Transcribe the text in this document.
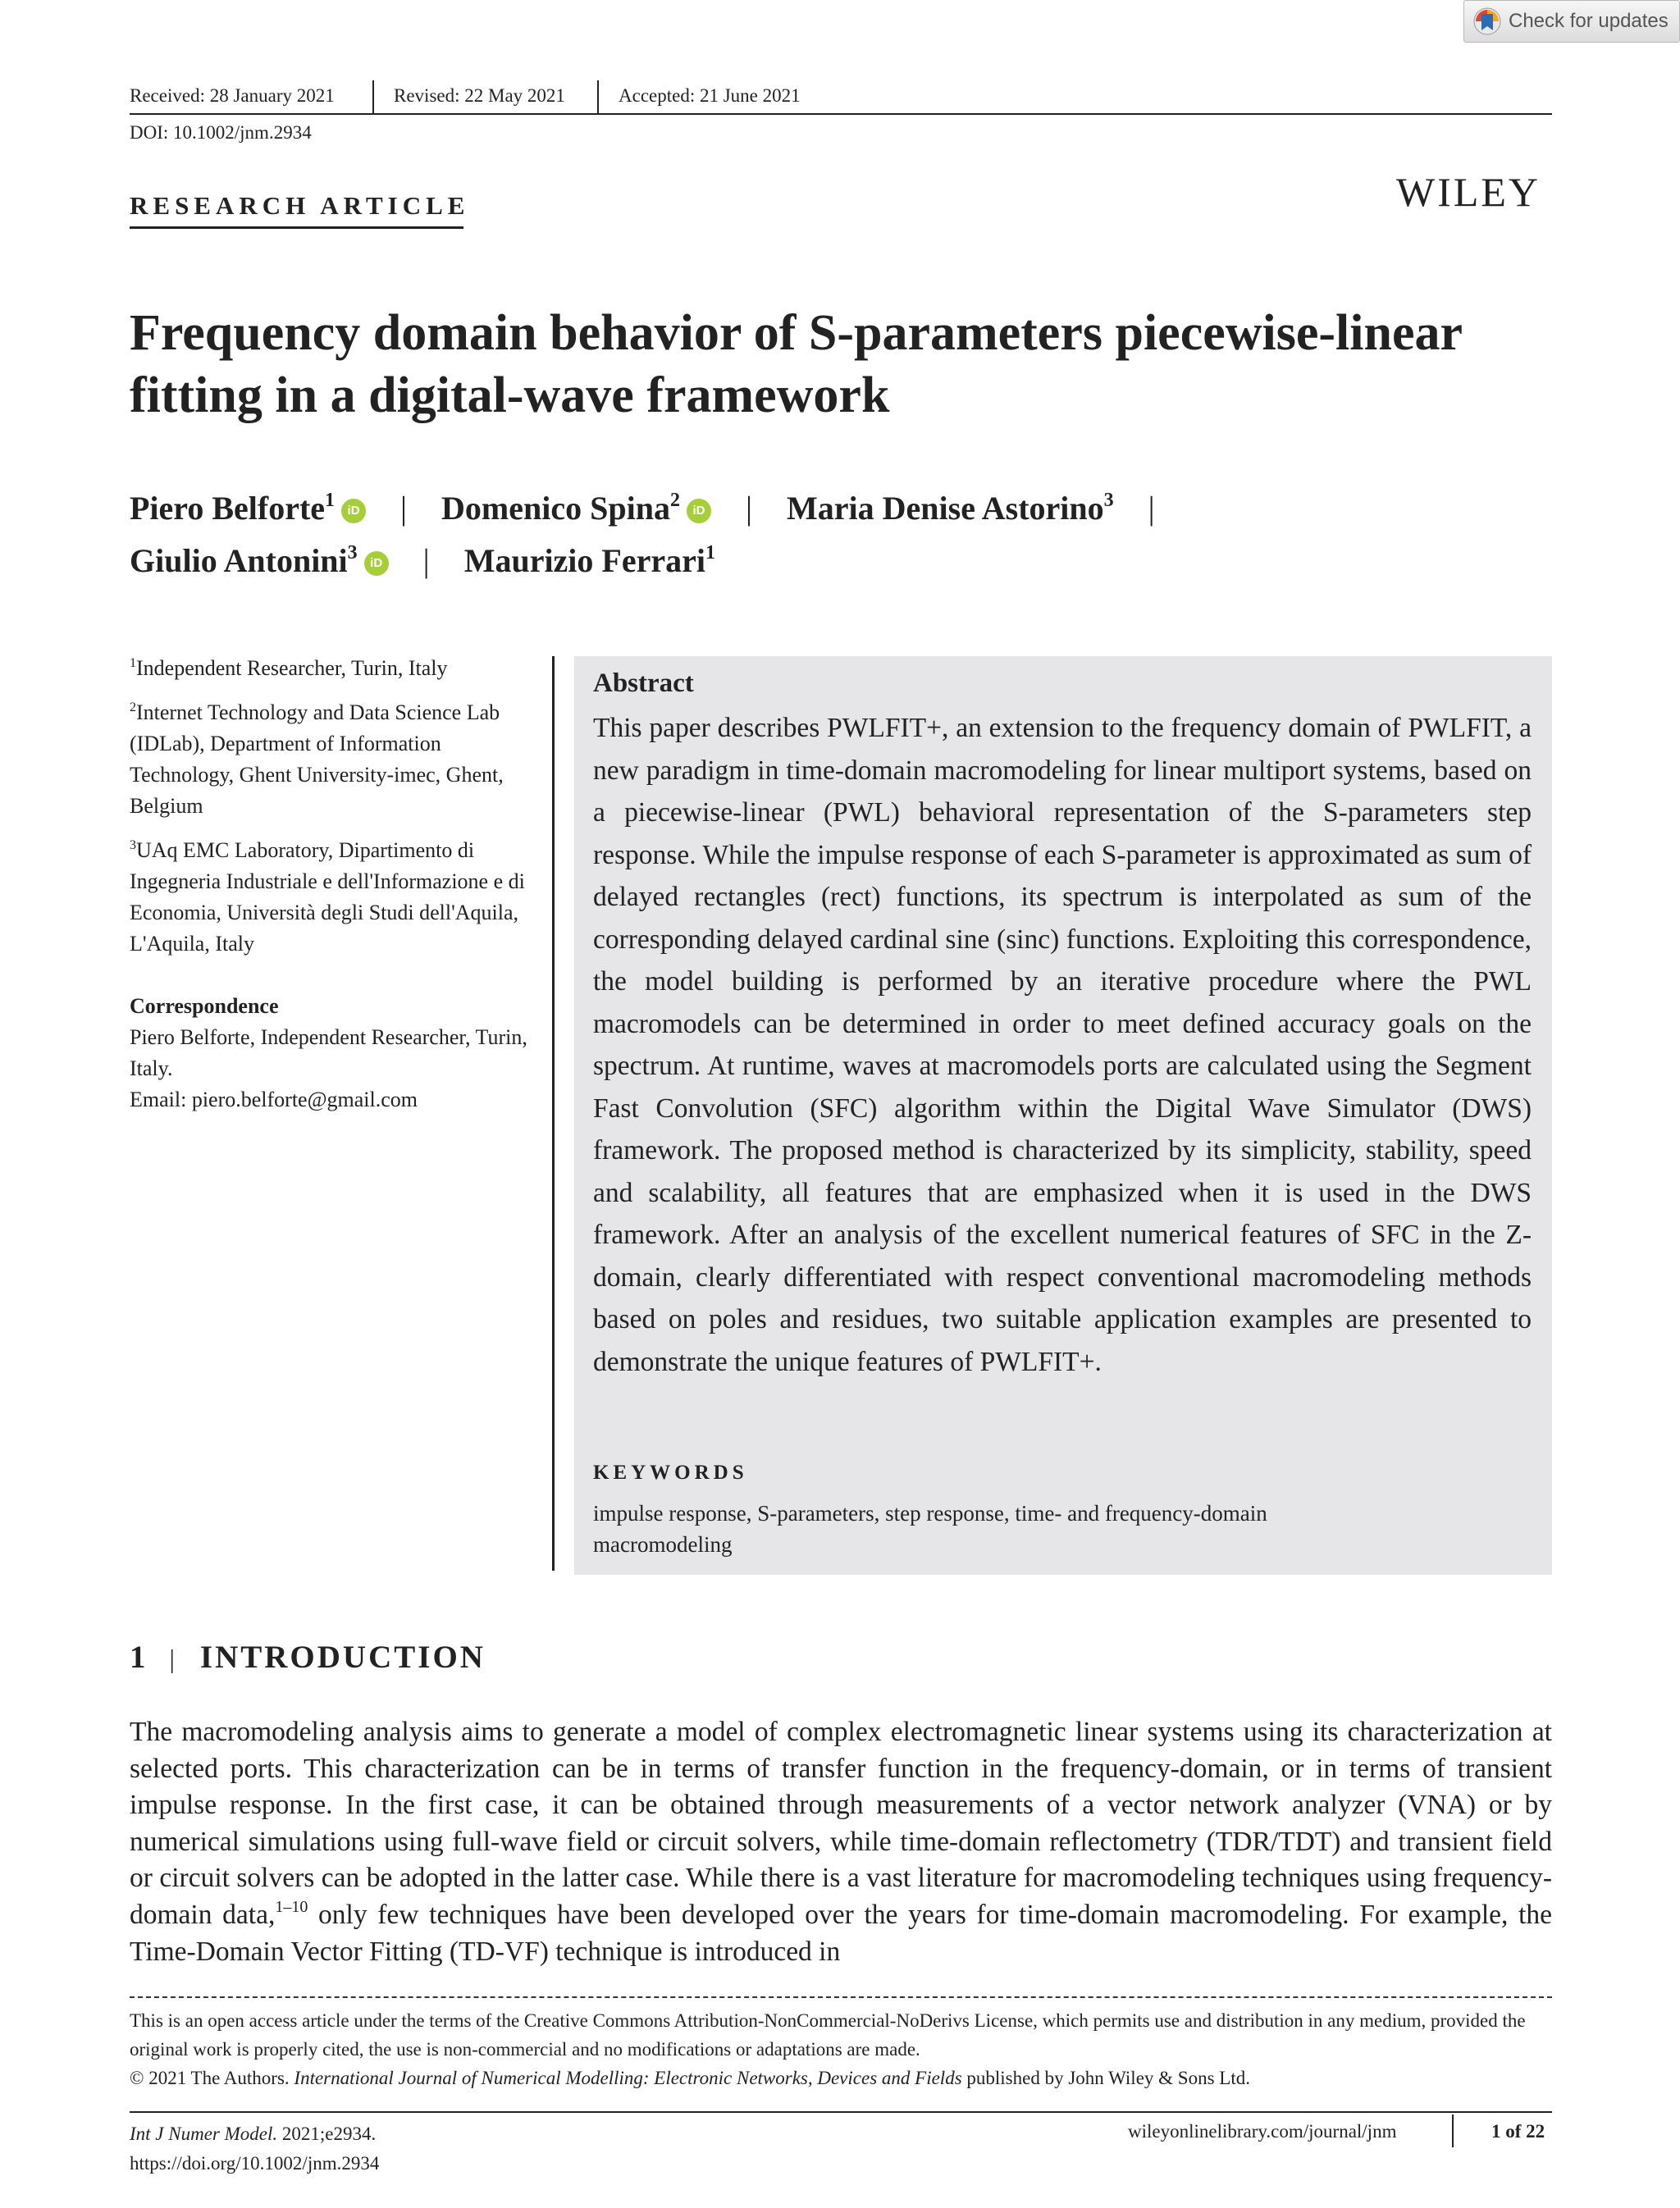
Check for updates
Received: 28 January 2021	Revised: 22 May 2021	Accepted: 21 June 2021
DOI: 10.1002/jnm.2934
RESEARCH ARTICLE	WILEY
Frequency domain behavior of S-parameters piecewise-linear fitting in a digital-wave framework
Piero Belforte$^1$ iD | Domenico Spina$^2$ iD | Maria Denise Astorino$^3$ |
Giulio Antonini$^3$ iD | Maurizio Ferrari$^1$

$^1$Independent Researcher, Turin, Italy

$^2$Internet Technology and Data Science Lab (IDLab), Department of Information Technology, Ghent University-imec, Ghent, Belgium

$^3$UAq EMC Laboratory, Dipartimento di Ingegneria Industriale e dell'Informazione e di Economia, Università degli Studi dell'Aquila, L'Aquila, Italy

Correspondence
Piero Belforte, Independent Researcher, Turin, Italy.
Email: piero.belforte@gmail.com
Abstract
This paper describes PWLFIT+, an extension to the frequency domain of PWLFIT, a new paradigm in time-domain macromodeling for linear multiport systems, based on a piecewise-linear (PWL) behavioral representation of the S-parameters step response. While the impulse response of each S-parameter is approximated as sum of delayed rectangles (rect) functions, its spectrum is interpolated as sum of the corresponding delayed cardinal sine (sinc) functions. Exploiting this correspondence, the model building is performed by an iterative procedure where the PWL macromodels can be determined in order to meet defined accuracy goals on the spectrum. At runtime, waves at macromodels ports are calculated using the Segment Fast Convolution (SFC) algorithm within the Digital Wave Simulator (DWS) framework. The proposed method is characterized by its simplicity, stability, speed and scalability, all features that are emphasized when it is used in the DWS framework. After an analysis of the excellent numerical features of SFC in the Z-domain, clearly differentiated with respect conventional macromodeling methods based on poles and residues, two suitable application examples are presented to demonstrate the unique features of PWLFIT+.
KEYWORDS
impulse response, S-parameters, step response, time- and frequency-domain macromodeling
1 | INTRODUCTION
The macromodeling analysis aims to generate a model of complex electromagnetic linear systems using its characterization at selected ports. This characterization can be in terms of transfer function in the frequency-domain, or in terms of transient impulse response. In the first case, it can be obtained through measurements of a vector network analyzer (VNA) or by numerical simulations using full-wave field or circuit solvers, while time-domain reflectometry (TDR/TDT) and transient field or circuit solvers can be adopted in the latter case. While there is a vast literature for macromodeling techniques using frequency-domain data,$^{1-10}$ only few techniques have been developed over the years for time-domain macromodeling. For example, the Time-Domain Vector Fitting (TD-VF) technique is introduced in
This is an open access article under the terms of the Creative Commons Attribution-NonCommercial-NoDerivs License, which permits use and distribution in any medium, provided the original work is properly cited, the use is non-commercial and no modifications or adaptations are made.
© 2021 The Authors. International Journal of Numerical Modelling: Electronic Networks, Devices and Fields published by John Wiley & Sons Ltd.
Int J Numer Model. 2021;e2934.
https://doi.org/10.1002/jnm.2934
wileyonlinelibrary.com/journal/jnm	1 of 22
